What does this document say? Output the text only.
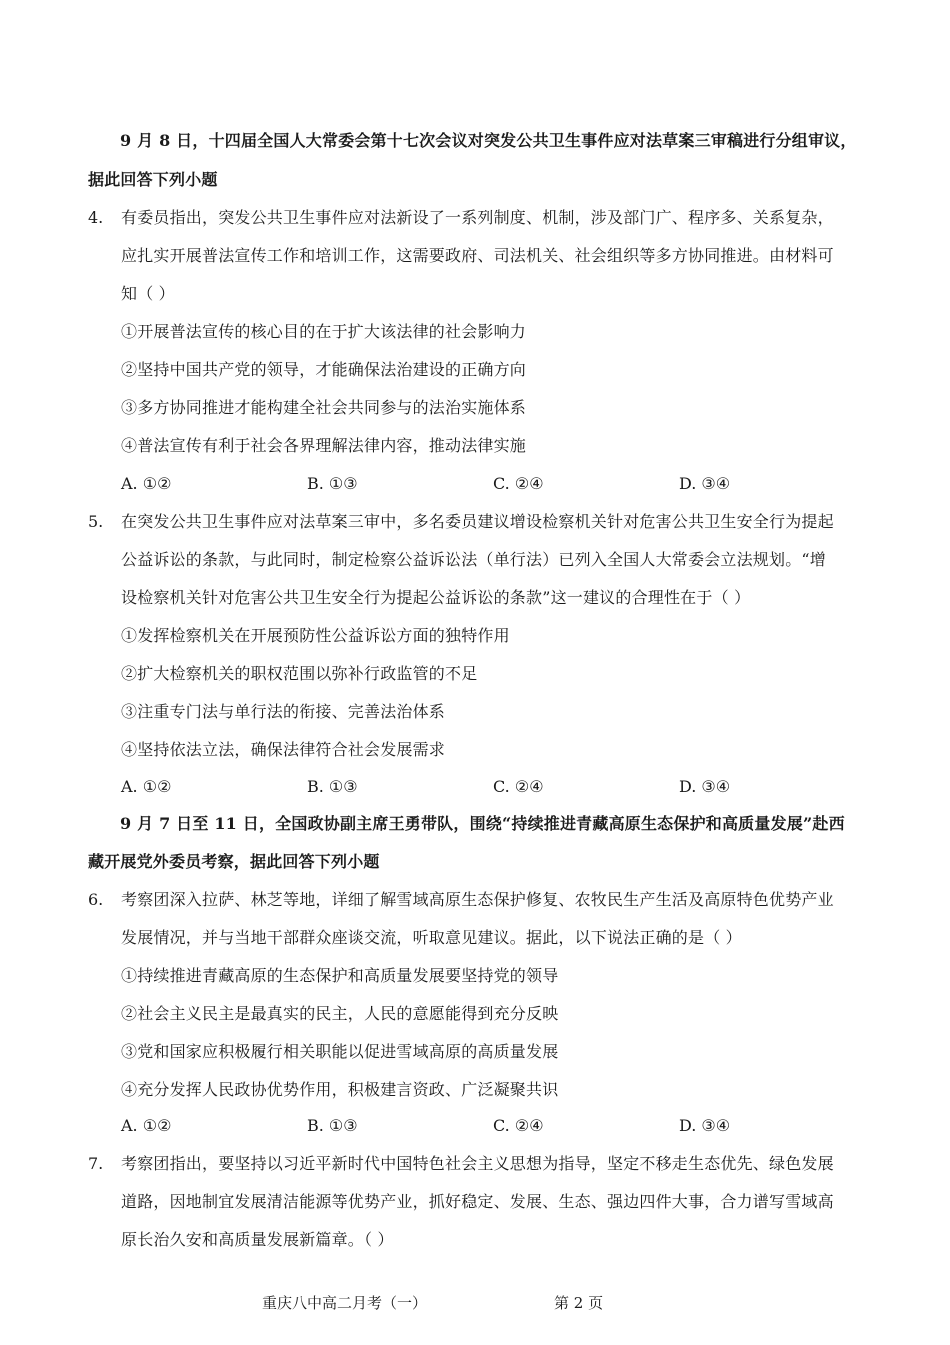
9 月 8 日，十四届全国人大常委会第十七次会议对突发公共卫生事件应对法草案三审稿进行分组审议，
据此回答下列小题
4. 有委员指出，突发公共卫生事件应对法新设了一系列制度、机制，涉及部门广、程序多、关系复杂，
应扎实开展普法宣传工作和培训工作，这需要政府、司法机关、社会组织等多方协同推进。由材料可
知（ ）
①开展普法宣传的核心目的在于扩大该法律的社会影响力
②坚持中国共产党的领导，才能确保法治建设的正确方向
③多方协同推进才能构建全社会共同参与的法治实施体系
④普法宣传有利于社会各界理解法律内容，推动法律实施
A. ①②	B. ①③	C. ②④	D. ③④
5. 在突发公共卫生事件应对法草案三审中，多名委员建议增设检察机关针对危害公共卫生安全行为提起
公益诉讼的条款，与此同时，制定检察公益诉讼法（单行法）已列入全国人大常委会立法规划。“增
设检察机关针对危害公共卫生安全行为提起公益诉讼的条款”这一建议的合理性在于（ ）
①发挥检察机关在开展预防性公益诉讼方面的独特作用
②扩大检察机关的职权范围以弥补行政监管的不足
③注重专门法与单行法的衔接、完善法治体系
④坚持依法立法，确保法律符合社会发展需求
A. ①②	B. ①③	C. ②④	D. ③④
9 月 7 日至 11 日，全国政协副主席王勇带队，围绕“持续推进青藏高原生态保护和高质量发展”赴西
藏开展党外委员考察，据此回答下列小题
6. 考察团深入拉萨、林芝等地，详细了解雪域高原生态保护修复、农牧民生产生活及高原特色优势产业
发展情况，并与当地干部群众座谈交流，听取意见建议。据此，以下说法正确的是（ ）
①持续推进青藏高原的生态保护和高质量发展要坚持党的领导
②社会主义民主是最真实的民主，人民的意愿能得到充分反映
③党和国家应积极履行相关职能以促进雪域高原的高质量发展
④充分发挥人民政协优势作用，积极建言资政、广泛凝聚共识
A. ①②	B. ①③	C. ②④	D. ③④
7. 考察团指出，要坚持以习近平新时代中国特色社会主义思想为指导，坚定不移走生态优先、绿色发展
道路，因地制宜发展清洁能源等优势产业，抓好稳定、发展、生态、强边四件大事，合力谱写雪域高
原长治久安和高质量发展新篇章。（ ）
重庆八中高二月考（一）	第 2 页
